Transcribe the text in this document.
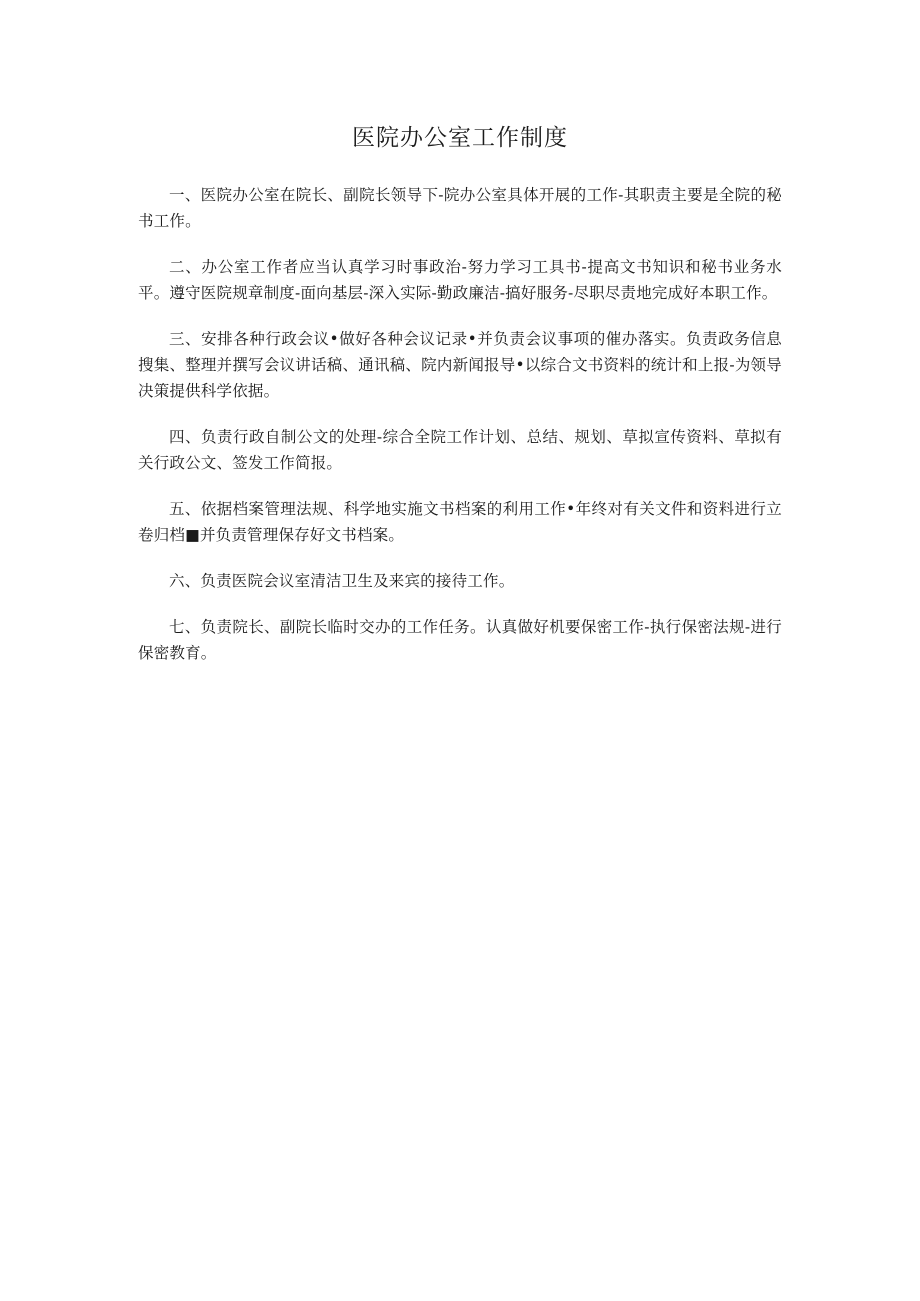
医院办公室工作制度

一、医院办公室在院长、副院长领导下-院办公室具体开展的工作-其职责主要是全院的秘书工作。

二、办公室工作者应当认真学习时事政治-努力学习工具书-提高文书知识和秘书业务水平。遵守医院规章制度-面向基层-深入实际-勤政廉洁-搞好服务-尽职尽责地完成好本职工作。

三、安排各种行政会议•做好各种会议记录•并负责会议事项的催办落实。负责政务信息搜集、整理并撰写会议讲话稿、通讯稿、院内新闻报导•以综合文书资料的统计和上报-为领导决策提供科学依据。

四、负责行政自制公文的处理-综合全院工作计划、总结、规划、草拟宣传资料、草拟有关行政公文、签发工作简报。

五、依据档案管理法规、科学地实施文书档案的利用工作•年终对有关文件和资料进行立卷归档■并负责管理保存好文书档案。

六、负责医院会议室清洁卫生及来宾的接待工作。

七、负责院长、副院长临时交办的工作任务。认真做好机要保密工作-执行保密法规-进行保密教育。
